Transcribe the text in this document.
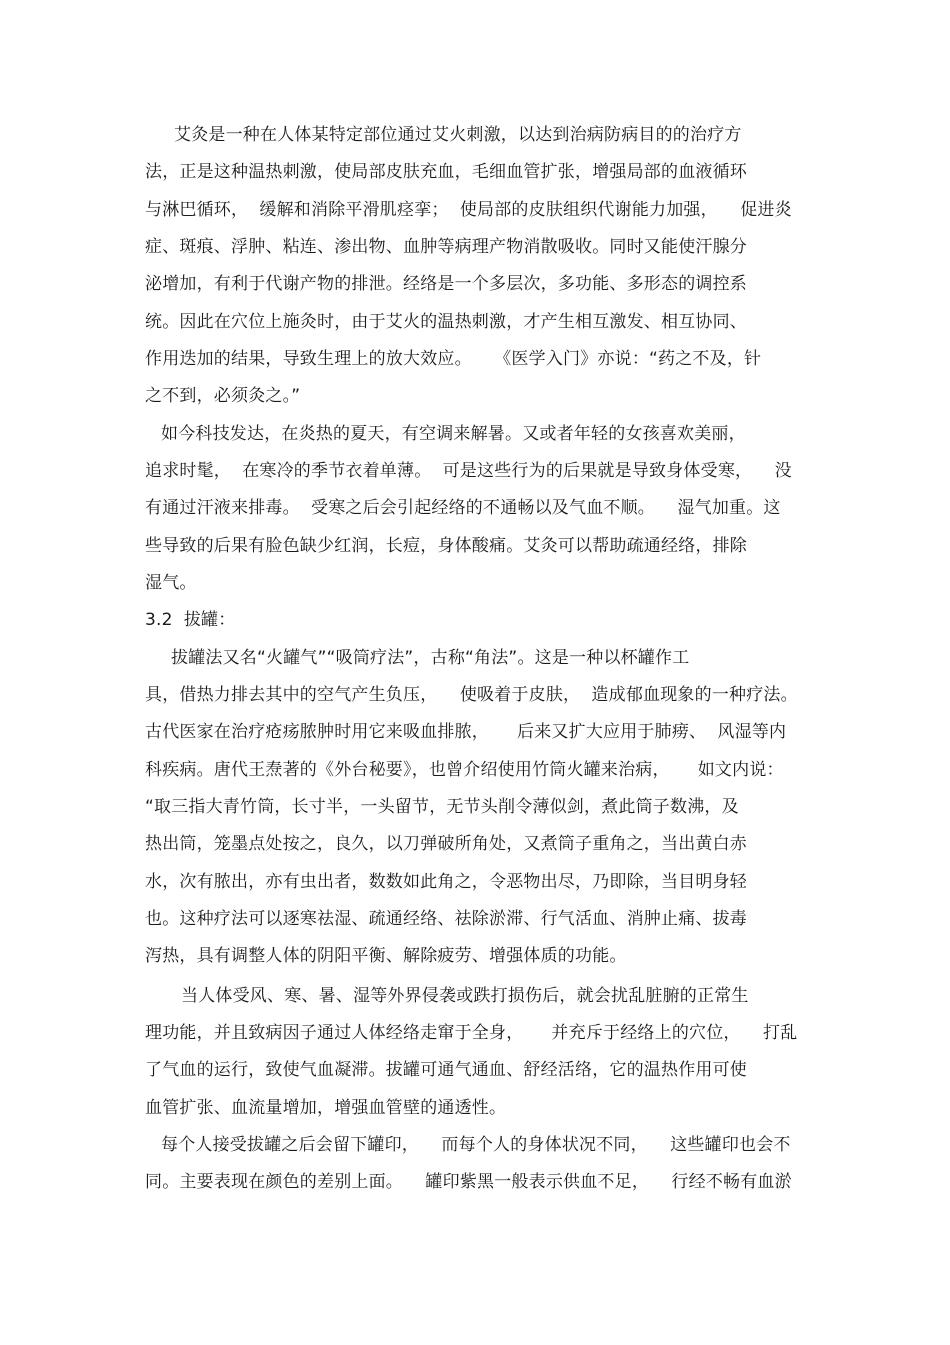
艾灸是一种在人体某特定部位通过艾火刺激，以达到治病防病目的的治疗方
法，正是这种温热刺激，使局部皮肤充血，毛细血管扩张，增强局部的血液循环
与淋巴循环，  缓解和消除平滑肌痉挛；  使局部的皮肤组织代谢能力加强，    促进炎
症、斑痕、浮肿、粘连、渗出物、血肿等病理产物消散吸收。同时又能使汗腺分
泌增加，有利于代谢产物的排泄。经络是一个多层次，多功能、多形态的调控系
统。因此在穴位上施灸时，由于艾火的温热刺激，才产生相互激发、相互协同、
作用迭加的结果，导致生理上的放大效应。    《医学入门》亦说：“药之不及，针
之不到，必须灸之。”
如今科技发达，在炎热的夏天，有空调来解暑。又或者年轻的女孩喜欢美丽，
追求时髦，  在寒冷的季节衣着单薄。  可是这些行为的后果就是导致身体受寒，    没
有通过汗液来排毒。  受寒之后会引起经络的不通畅以及气血不顺。    湿气加重。这
些导致的后果有脸色缺少红润，长痘，身体酸痛。艾灸可以帮助疏通经络，排除
湿气。
3.2  拔罐：
拔罐法又名“火罐气”“吸筒疗法”，古称“角法”。这是一种以杯罐作工
具，借热力排去其中的空气产生负压，    使吸着于皮肤，  造成郁血现象的一种疗法。
古代医家在治疗疮疡脓肿时用它来吸血排脓，     后来又扩大应用于肺痨、  风湿等内
科疾病。唐代王焘著的《外台秘要》，也曾介绍使用竹筒火罐来治病，     如文内说：
“取三指大青竹筒，长寸半，一头留节，无节头削令薄似剑，煮此筒子数沸，及
热出筒，笼墨点处按之，良久，以刀弹破所角处，又煮筒子重角之，当出黄白赤
水，次有脓出，亦有虫出者，数数如此角之，令恶物出尽，乃即除，当目明身轻
也。这种疗法可以逐寒祛湿、疏通经络、祛除淤滞、行气活血、消肿止痛、拔毒
泻热，具有调整人体的阴阳平衡、解除疲劳、增强体质的功能。
当人体受风、寒、暑、湿等外界侵袭或跌打损伤后，就会扰乱脏腑的正常生
理功能，并且致病因子通过人体经络走窜于全身，     并充斥于经络上的穴位，    打乱
了气血的运行，致使气血凝滞。拔罐可通气通血、舒经活络，它的温热作用可使
血管扩张、血流量增加，增强血管壁的通透性。
每个人接受拔罐之后会留下罐印，    而每个人的身体状况不同，    这些罐印也会不
同。主要表现在颜色的差别上面。    罐印紫黑一般表示供血不足，    行经不畅有血淤
